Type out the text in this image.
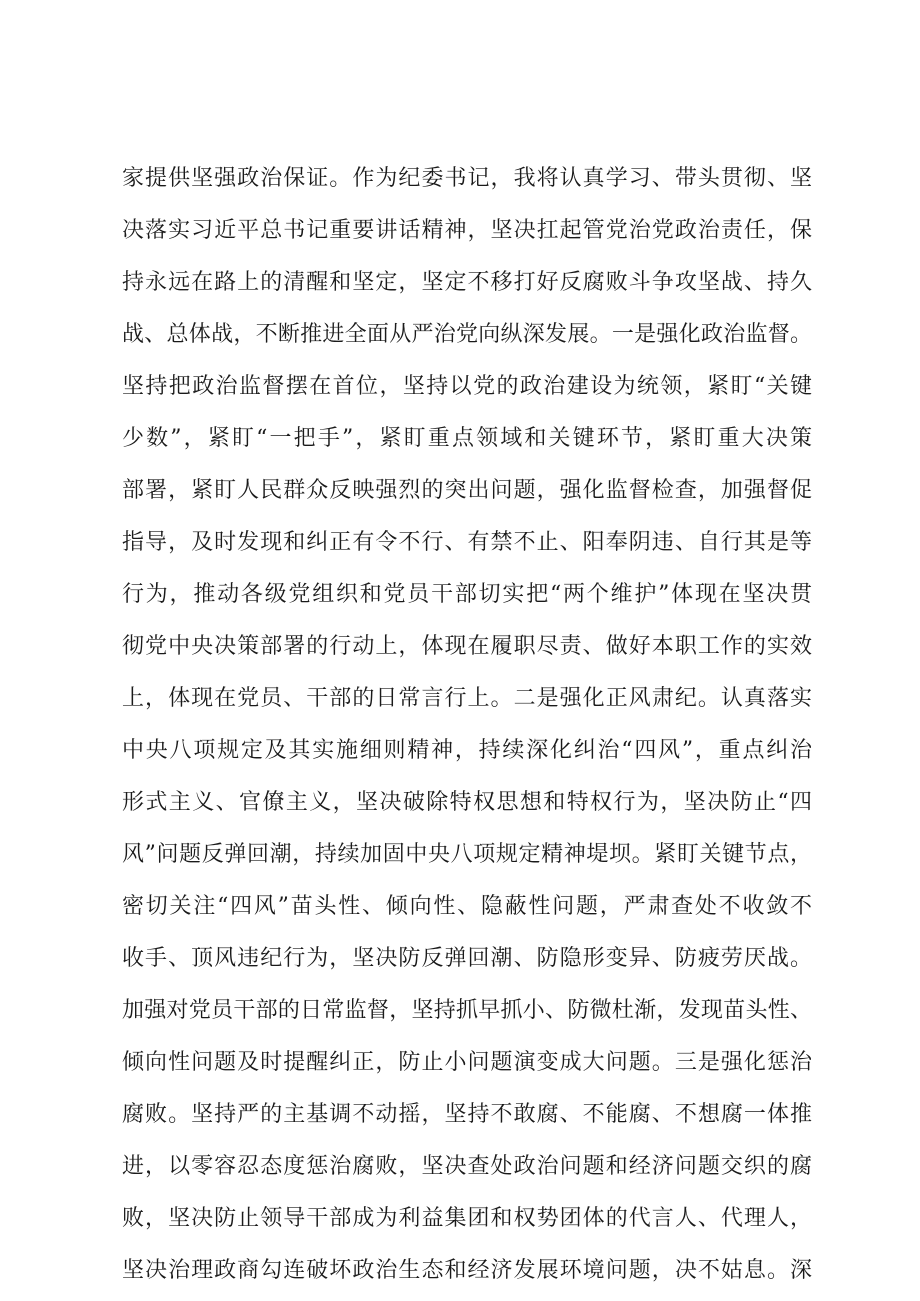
家提供坚强政治保证。作为纪委书记，我将认真学习、带头贯彻、坚
决落实习近平总书记重要讲话精神，坚决扛起管党治党政治责任，保
持永远在路上的清醒和坚定，坚定不移打好反腐败斗争攻坚战、持久
战、总体战，不断推进全面从严治党向纵深发展。一是强化政治监督。
坚持把政治监督摆在首位，坚持以党的政治建设为统领，紧盯“关键
少数”，紧盯“一把手”，紧盯重点领域和关键环节，紧盯重大决策
部署，紧盯人民群众反映强烈的突出问题，强化监督检查，加强督促
指导，及时发现和纠正有令不行、有禁不止、阳奉阴违、自行其是等
行为，推动各级党组织和党员干部切实把“两个维护”体现在坚决贯
彻党中央决策部署的行动上，体现在履职尽责、做好本职工作的实效
上，体现在党员、干部的日常言行上。二是强化正风肃纪。认真落实
中央八项规定及其实施细则精神，持续深化纠治“四风”，重点纠治
形式主义、官僚主义，坚决破除特权思想和特权行为，坚决防止“四
风”问题反弹回潮，持续加固中央八项规定精神堤坝。紧盯关键节点，
密切关注“四风”苗头性、倾向性、隐蔽性问题，严肃查处不收敛不
收手、顶风违纪行为，坚决防反弹回潮、防隐形变异、防疲劳厌战。
加强对党员干部的日常监督，坚持抓早抓小、防微杜渐，发现苗头性、
倾向性问题及时提醒纠正，防止小问题演变成大问题。三是强化惩治
腐败。坚持严的主基调不动摇，坚持不敢腐、不能腐、不想腐一体推
进，以零容忍态度惩治腐败，坚决查处政治问题和经济问题交织的腐
败，坚决防止领导干部成为利益集团和权势团体的代言人、代理人，
坚决治理政商勾连破坏政治生态和经济发展环境问题，决不姑息。深
